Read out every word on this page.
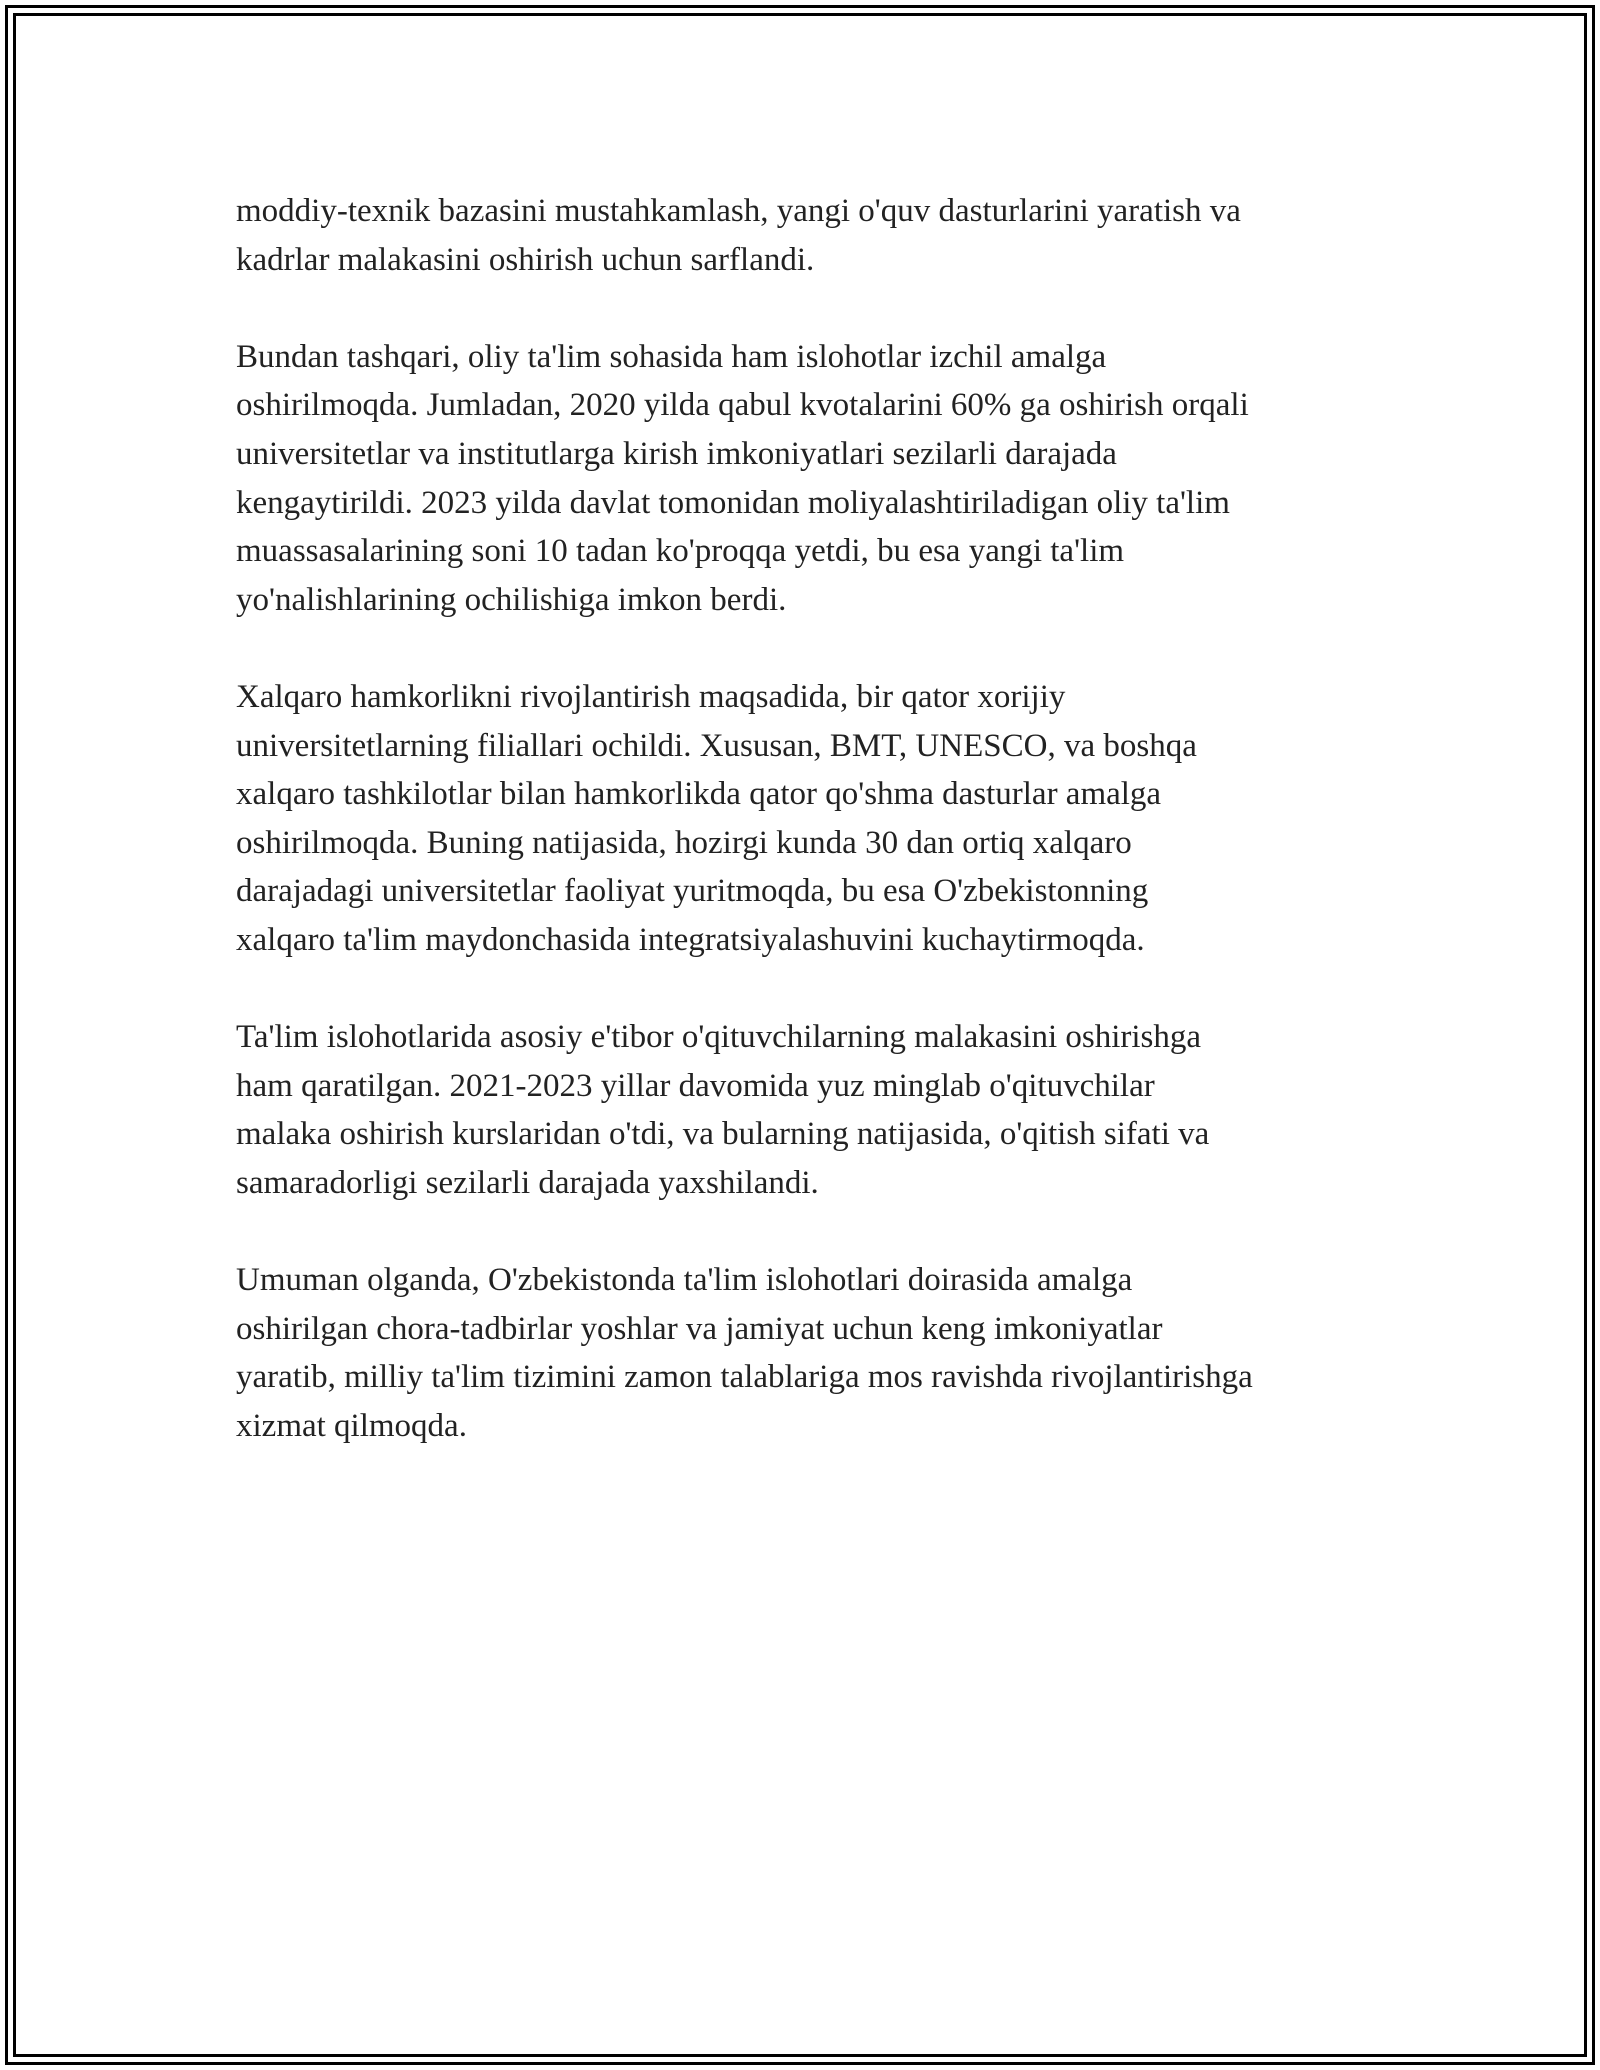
moddiy-texnik bazasini mustahkamlash, yangi o'quv dasturlarini yaratish va
kadrlar malakasini oshirish uchun sarflandi.

Bundan tashqari, oliy ta'lim sohasida ham islohotlar izchil amalga
oshirilmoqda. Jumladan, 2020 yilda qabul kvotalarini 60% ga oshirish orqali
universitetlar va institutlarga kirish imkoniyatlari sezilarli darajada
kengaytirildi. 2023 yilda davlat tomonidan moliyalashtiriladigan oliy ta'lim
muassasalarining soni 10 tadan ko'proqqa yetdi, bu esa yangi ta'lim
yo'nalishlarining ochilishiga imkon berdi.

Xalqaro hamkorlikni rivojlantirish maqsadida, bir qator xorijiy
universitetlarning filiallari ochildi. Xususan, BMT, UNESCO, va boshqa
xalqaro tashkilotlar bilan hamkorlikda qator qo'shma dasturlar amalga
oshirilmoqda. Buning natijasida, hozirgi kunda 30 dan ortiq xalqaro
darajadagi universitetlar faoliyat yuritmoqda, bu esa O'zbekistonning
xalqaro ta'lim maydonchasida integratsiyalashuvini kuchaytirmoqda.

Ta'lim islohotlarida asosiy e'tibor o'qituvchilarning malakasini oshirishga
ham qaratilgan. 2021-2023 yillar davomida yuz minglab o'qituvchilar
malaka oshirish kurslaridan o'tdi, va bularning natijasida, o'qitish sifati va
samaradorligi sezilarli darajada yaxshilandi.

Umuman olganda, O'zbekistonda ta'lim islohotlari doirasida amalga
oshirilgan chora-tadbirlar yoshlar va jamiyat uchun keng imkoniyatlar
yaratib, milliy ta'lim tizimini zamon talablariga mos ravishda rivojlantirishga
xizmat qilmoqda.
